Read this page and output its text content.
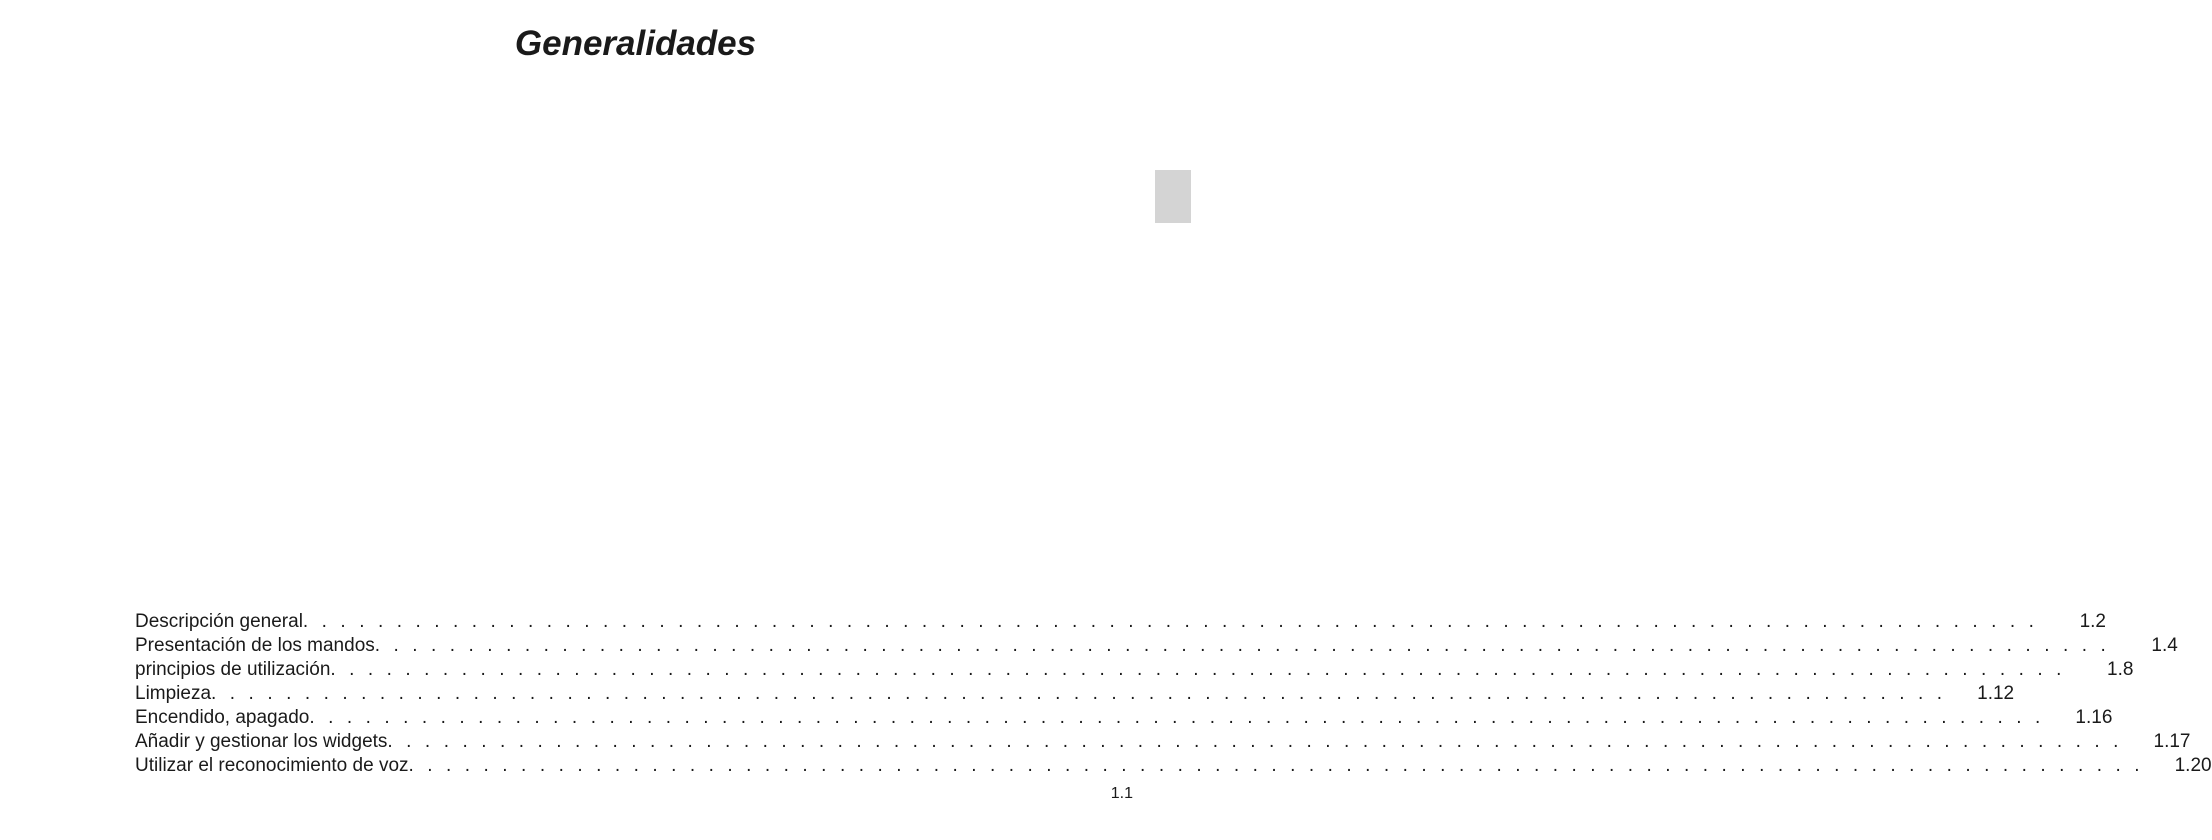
Generalidades
Descripción general . . . . . . . . . . . . . . . . . . . . . . . . . . . . . . . . . . . . . . . . . . . . . . . . . . . . . . . . . . . . . . . . . . . . . . . . . . . . . . . . . . . . . . . . . . . . .	1.2
Presentación de los mandos . . . . . . . . . . . . . . . . . . . . . . . . . . . . . . . . . . . . . . . . . . . . . . . . . . . . . . . . . . . . . . . . . . . . . . . . . . . . . . . . . . . . . . . . . . . . .	1.4
principios de utilización . . . . . . . . . . . . . . . . . . . . . . . . . . . . . . . . . . . . . . . . . . . . . . . . . . . . . . . . . . . . . . . . . . . . . . . . . . . . . . . . . . . . . . . . . . . . .	1.8
Limpieza . . . . . . . . . . . . . . . . . . . . . . . . . . . . . . . . . . . . . . . . . . . . . . . . . . . . . . . . . . . . . . . . . . . . . . . . . . . . . . . . . . . . . . . . . . . . .	1.12
Encendido, apagado . . . . . . . . . . . . . . . . . . . . . . . . . . . . . . . . . . . . . . . . . . . . . . . . . . . . . . . . . . . . . . . . . . . . . . . . . . . . . . . . . . . . . . . . . . . . .	1.16
Añadir y gestionar los widgets . . . . . . . . . . . . . . . . . . . . . . . . . . . . . . . . . . . . . . . . . . . . . . . . . . . . . . . . . . . . . . . . . . . . . . . . . . . . . . . . . . . . . . . . . . . . .	1.17
Utilizar el reconocimiento de voz . . . . . . . . . . . . . . . . . . . . . . . . . . . . . . . . . . . . . . . . . . . . . . . . . . . . . . . . . . . . . . . . . . . . . . . . . . . . . . . . . . . . . . . . . . . . .	1.20
1.1
